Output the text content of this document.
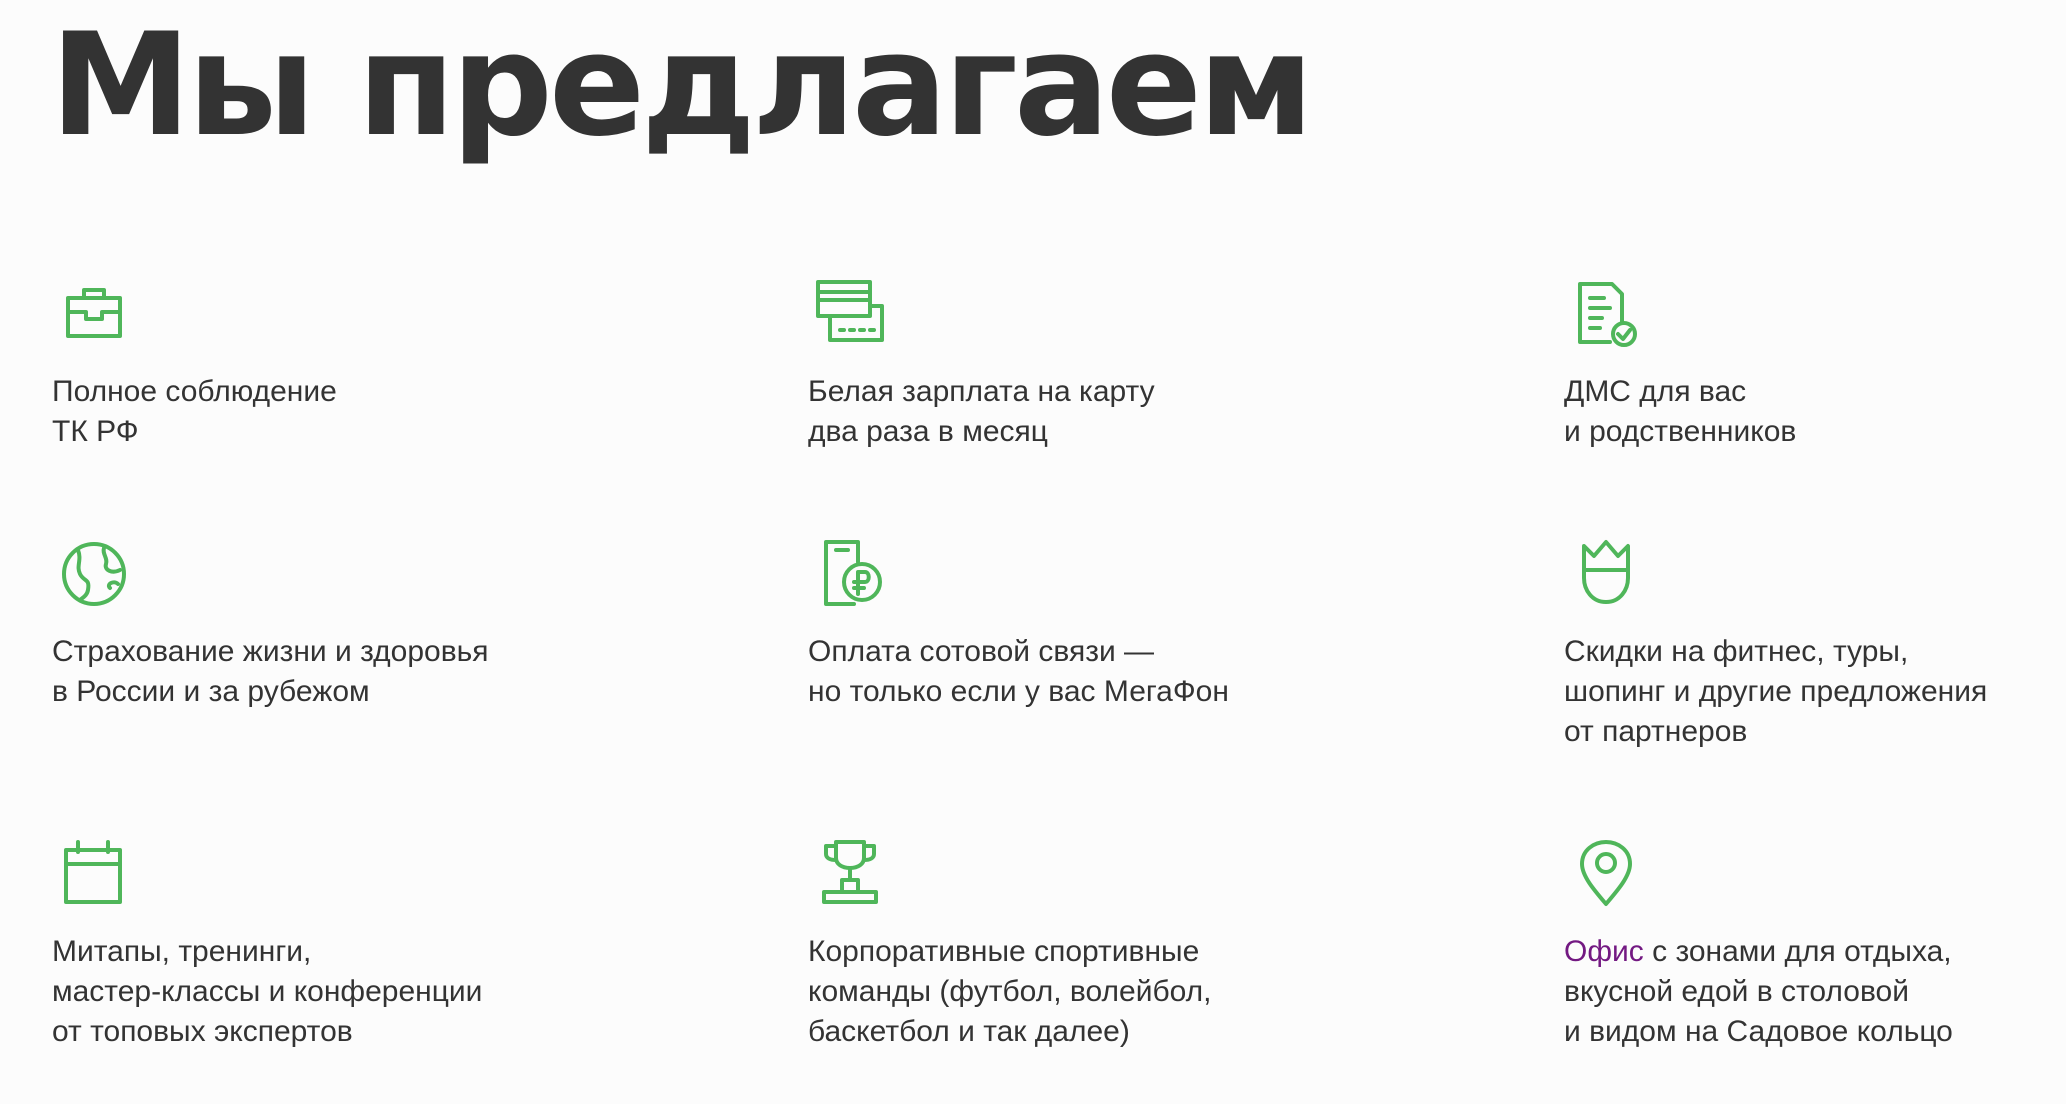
Мы предлагаем

Полное соблюдение
ТК РФ

Белая зарплата на карту
два раза в месяц

ДМС для вас
и родственников

Страхование жизни и здоровья
в России и за рубежом

Оплата сотовой связи —
но только если у вас МегаФон

Скидки на фитнес, туры,
шопинг и другие предложения
от партнеров

Митапы, тренинги,
мастер-классы и конференции
от топовых экспертов

Корпоративные спортивные
команды (футбол, волейбол,
баскетбол и так далее)

Офис с зонами для отдыха,
вкусной едой в столовой
и видом на Садовое кольцо
